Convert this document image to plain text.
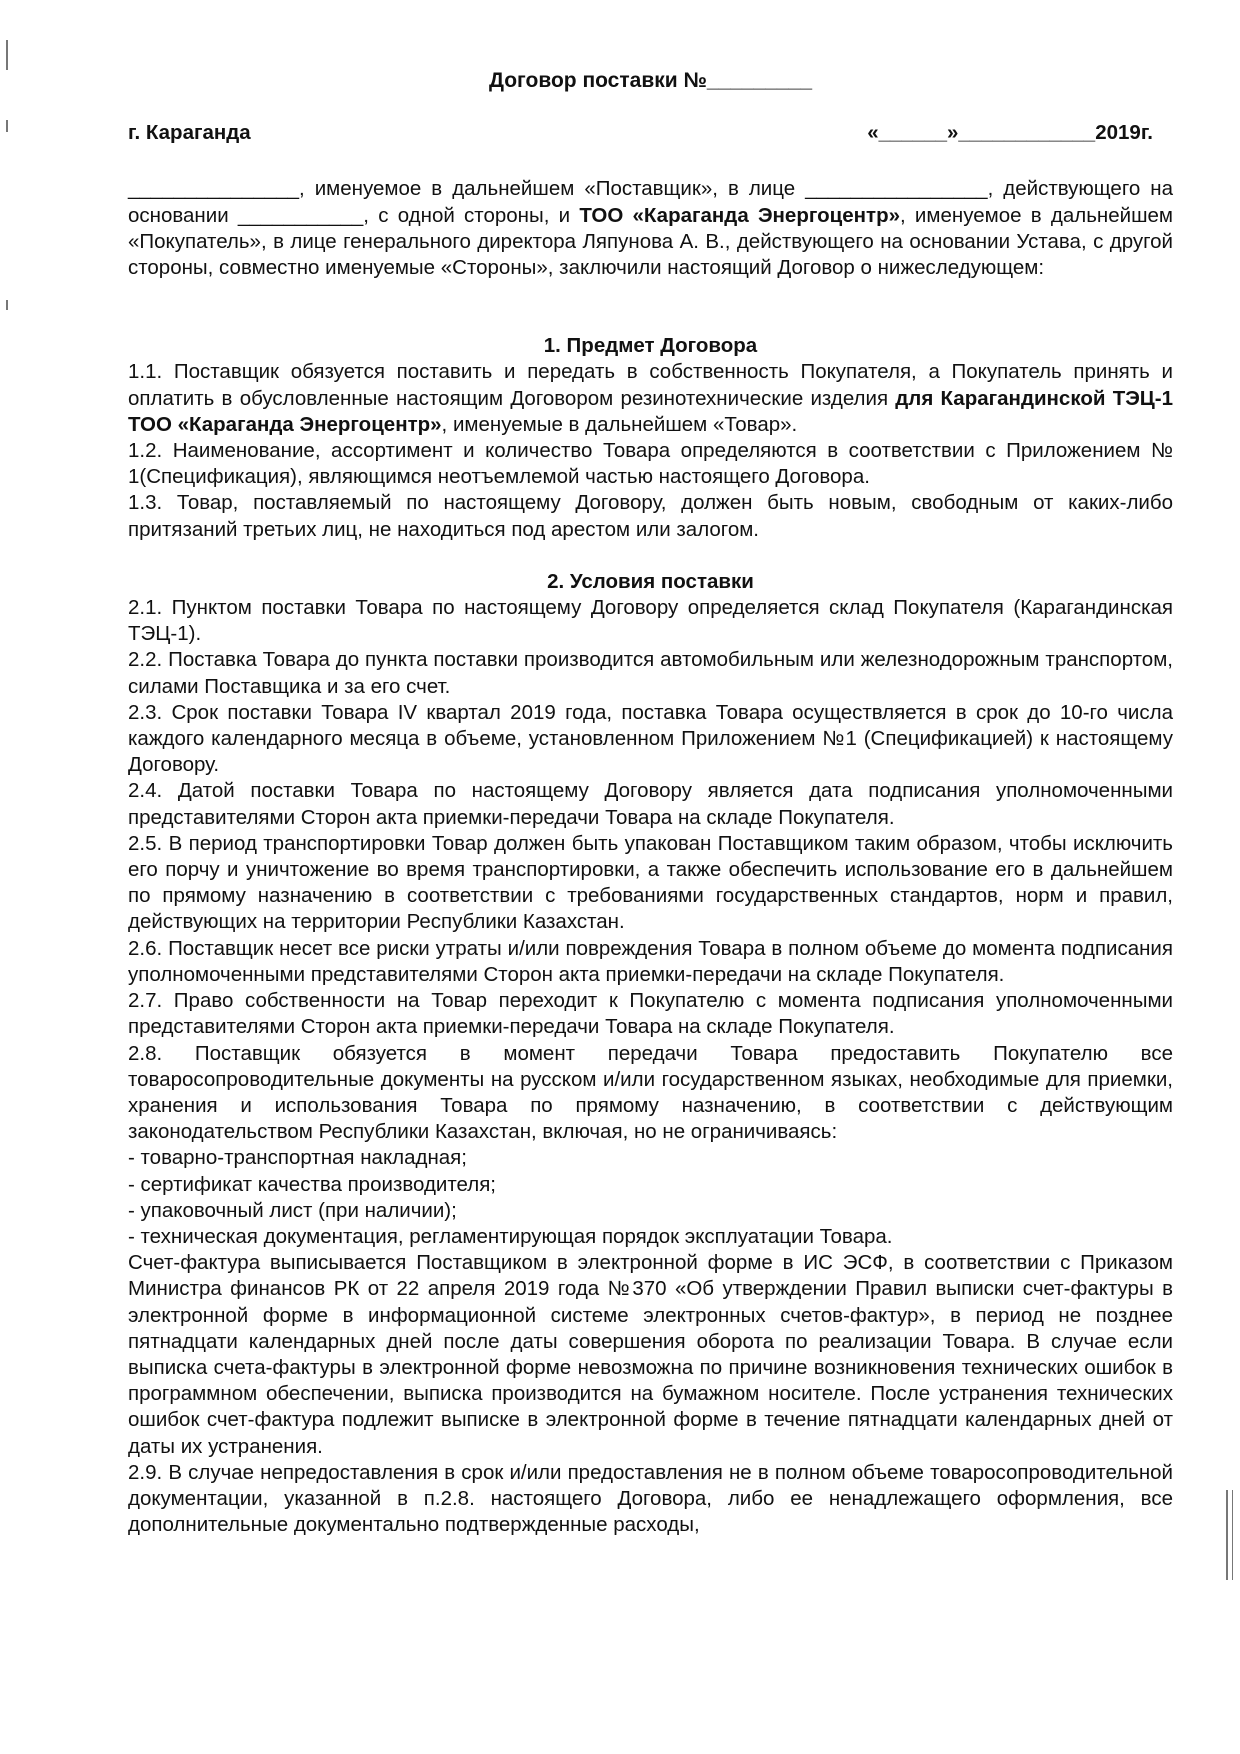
Договор поставки №_________
г. Караганда	«______»____________2019г.

_______________, именуемое в дальнейшем «Поставщик», в лице ________________, действующего на основании ___________, с одной стороны, и ТОО «Караганда Энергоцентр», именуемое в дальнейшем «Покупатель», в лице генерального директора Ляпунова А. В., действующего на основании Устава, с другой стороны, совместно именуемые «Стороны», заключили настоящий Договор о нижеследующем:

1. Предмет Договора

1.1. Поставщик обязуется поставить и передать в собственность Покупателя, а Покупатель принять и оплатить в обусловленные настоящим Договором резинотехнические изделия для Карагандинской ТЭЦ-1 ТОО «Караганда Энергоцентр», именуемые в дальнейшем «Товар».

1.2. Наименование, ассортимент и количество Товара определяются в соответствии с Приложением № 1(Спецификация), являющимся неотъемлемой частью настоящего Договора.

1.3. Товар, поставляемый по настоящему Договору, должен быть новым, свободным от каких-либо притязаний третьих лиц, не находиться под арестом или залогом.

2. Условия поставки

2.1. Пунктом поставки Товара по настоящему Договору определяется склад Покупателя (Карагандинская ТЭЦ-1).

2.2. Поставка Товара до пункта поставки производится автомобильным или железнодорожным транспортом, силами Поставщика и за его счет.

2.3. Срок поставки Товара IV квартал 2019 года, поставка Товара осуществляется в срок до 10-го числа каждого календарного месяца в объеме, установленном Приложением №1 (Спецификацией) к настоящему Договору.

2.4. Датой поставки Товара по настоящему Договору является дата подписания уполномоченными представителями Сторон акта приемки-передачи Товара на складе Покупателя.

2.5. В период транспортировки Товар должен быть упакован Поставщиком таким образом, чтобы исключить его порчу и уничтожение во время транспортировки, а также обеспечить использование его в дальнейшем по прямому назначению в соответствии с требованиями государственных стандартов, норм и правил, действующих на территории Республики Казахстан.

2.6. Поставщик несет все риски утраты и/или повреждения Товара в полном объеме до момента подписания уполномоченными представителями Сторон акта приемки-передачи на складе Покупателя.

2.7. Право собственности на Товар переходит к Покупателю с момента подписания уполномоченными представителями Сторон акта приемки-передачи Товара на складе Покупателя.

2.8. Поставщик обязуется в момент передачи Товара предоставить Покупателю все товаросопроводительные документы на русском и/или государственном языках, необходимые для приемки, хранения и использования Товара по прямому назначению, в соответствии с действующим законодательством Республики Казахстан, включая, но не ограничиваясь:

- товарно-транспортная накладная;
- сертификат качества производителя;
- упаковочный лист (при наличии);
- техническая документация, регламентирующая порядок эксплуатации Товара.

Счет-фактура выписывается Поставщиком в электронной форме в ИС ЭСФ, в соответствии с Приказом Министра финансов РК от 22 апреля 2019 года №370 «Об утверждении Правил выписки счет-фактуры в электронной форме в информационной системе электронных счетов-фактур», в период не позднее пятнадцати календарных дней после даты совершения оборота по реализации Товара. В случае если выписка счета-фактуры в электронной форме невозможна по причине возникновения технических ошибок в программном обеспечении, выписка производится на бумажном носителе. После устранения технических ошибок счет-фактура подлежит выписке в электронной форме в течение пятнадцати календарных дней от даты их устранения.

2.9. В случае непредоставления в срок и/или предоставления не в полном объеме товаросопроводительной документации, указанной в п.2.8. настоящего Договора, либо ее ненадлежащего оформления, все дополнительные документально подтвержденные расходы,
